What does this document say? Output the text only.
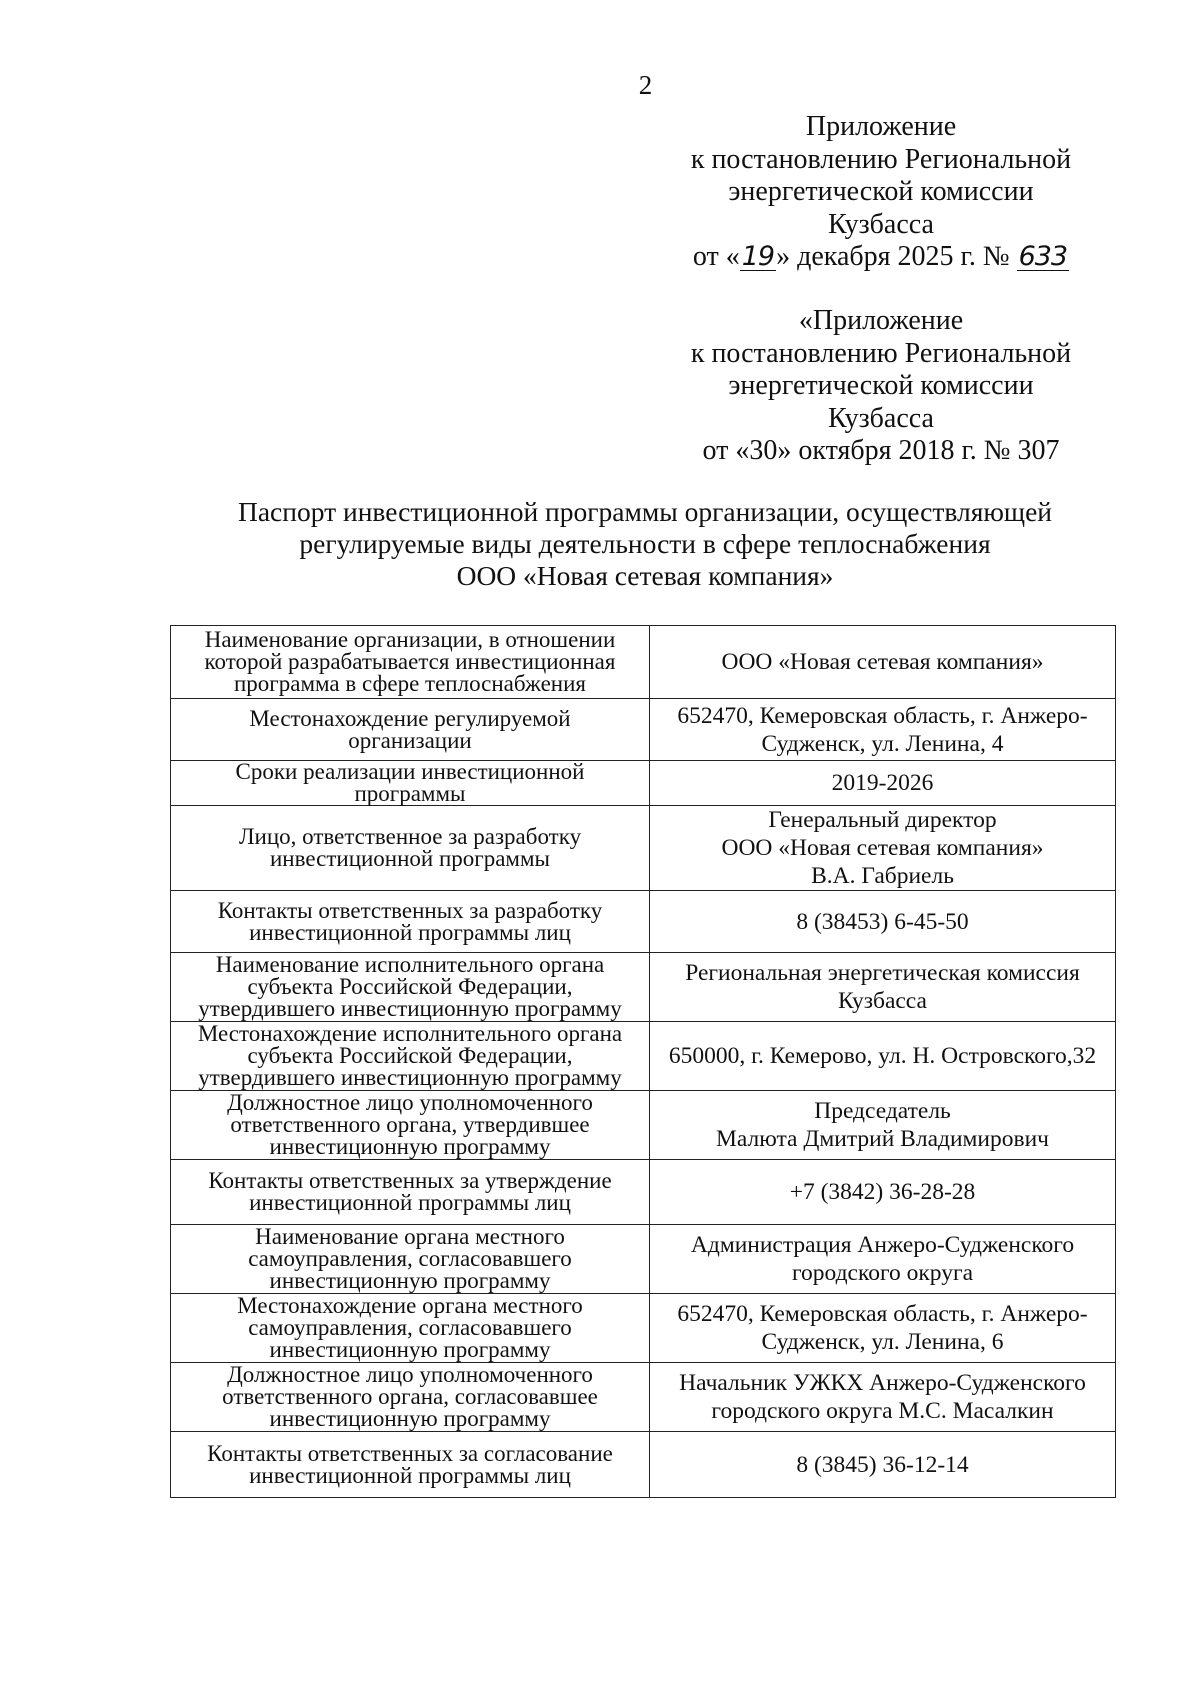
2
Приложение
к постановлению Региональной
энергетической комиссии
Кузбасса
от «19» декабря 2025 г. № 633
«Приложение
к постановлению Региональной
энергетической комиссии
Кузбасса
от «30» октября 2018 г. № 307
Паспорт инвестиционной программы организации, осуществляющей
регулируемые виды деятельности в сфере теплоснабжения
ООО «Новая сетевая компания»
Наименование организации, в отношении
которой разрабатывается инвестиционная
программа в сфере теплоснабжения	ООО «Новая сетевая компания»

Местонахождение регулируемой
организации	652470, Кемеровская область, г. Анжеро-
Судженск, ул. Ленина, 4

Сроки реализации инвестиционной
программы	2019-2026

Лицо, ответственное за разработку
инвестиционной программы	Генеральный директор
ООО «Новая сетевая компания»
В.А. Габриель

Контакты ответственных за разработку
инвестиционной программы лиц	8 (38453) 6-45-50

Наименование исполнительного органа
субъекта Российской Федерации,
утвердившего инвестиционную программу	Региональная энергетическая комиссия
Кузбасса

Местонахождение исполнительного органа
субъекта Российской Федерации,
утвердившего инвестиционную программу	650000, г. Кемерово, ул. Н. Островского,32

Должностное лицо уполномоченного
ответственного органа, утвердившее
инвестиционную программу	Председатель
Малюта Дмитрий Владимирович

Контакты ответственных за утверждение
инвестиционной программы лиц	+7 (3842) 36-28-28

Наименование органа местного
самоуправления, согласовавшего
инвестиционную программу	Администрация Анжеро-Судженского
городского округа

Местонахождение органа местного
самоуправления, согласовавшего
инвестиционную программу	652470, Кемеровская область, г. Анжеро-
Судженск, ул. Ленина, 6

Должностное лицо уполномоченного
ответственного органа, согласовавшее
инвестиционную программу	Начальник УЖКХ Анжеро-Судженского
городского округа М.С. Масалкин

Контакты ответственных за согласование
инвестиционной программы лиц	8 (3845) 36-12-14
